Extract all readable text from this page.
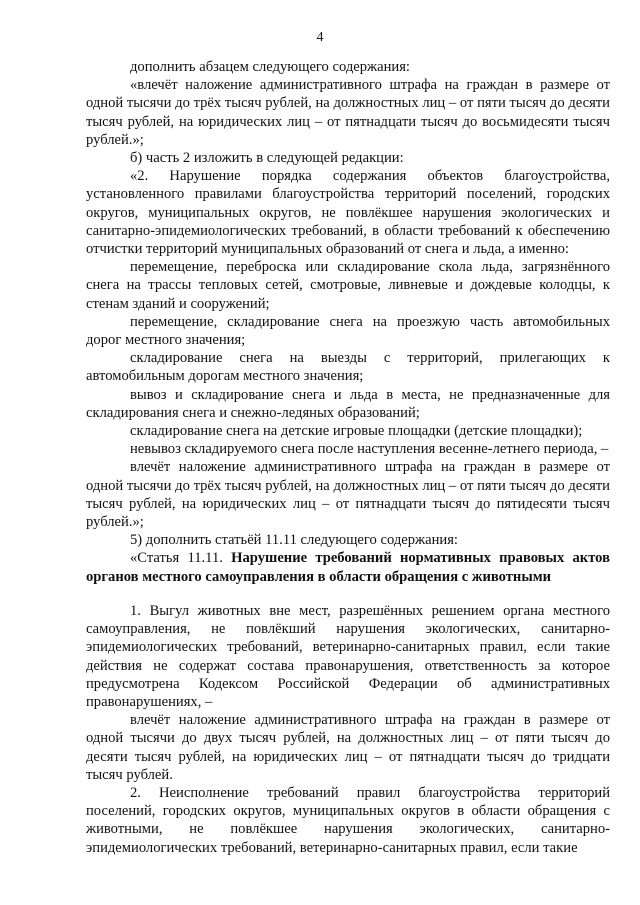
4

дополнить абзацем следующего содержания:

«влечёт наложение административного штрафа на граждан в размере от одной тысячи до трёх тысяч рублей, на должностных лиц – от пяти тысяч до десяти тысяч рублей, на юридических лиц – от пятнадцати тысяч до восьмидесяти тысяч рублей.»;

б) часть 2 изложить в следующей редакции:

«2. Нарушение порядка содержания объектов благоустройства, установленного правилами благоустройства территорий поселений, городских округов, муниципальных округов, не повлёкшее нарушения экологических и санитарно-эпидемиологических требований, в области требований к обеспечению отчистки территорий муниципальных образований от снега и льда, а именно:

перемещение, переброска или складирование скола льда, загрязнённого снега на трассы тепловых сетей, смотровые, ливневые и дождевые колодцы, к стенам зданий и сооружений;

перемещение, складирование снега на проезжую часть автомобильных дорог местного значения;

складирование снега на выезды с территорий, прилегающих к автомобильным дорогам местного значения;

вывоз и складирование снега и льда в места, не предназначенные для складирования снега и снежно-ледяных образований;

складирование снега на детские игровые площадки (детские площадки);

невывоз складируемого снега после наступления весенне-летнего периода, –

влечёт наложение административного штрафа на граждан в размере от одной тысячи до трёх тысяч рублей, на должностных лиц – от пяти тысяч до десяти тысяч рублей, на юридических лиц – от пятнадцати тысяч до пятидесяти тысяч рублей.»;

5) дополнить статьёй 11.11 следующего содержания:

«Статья 11.11. Нарушение требований нормативных правовых актов органов местного самоуправления в области обращения с животными

1. Выгул животных вне мест, разрешённых решением органа местного самоуправления, не повлёкший нарушения экологических, санитарно-эпидемиологических требований, ветеринарно-санитарных правил, если такие действия не содержат состава правонарушения, ответственность за которое предусмотрена Кодексом Российской Федерации об административных правонарушениях, –

влечёт наложение административного штрафа на граждан в размере от одной тысячи до двух тысяч рублей, на должностных лиц – от пяти тысяч до десяти тысяч рублей, на юридических лиц – от пятнадцати тысяч до тридцати тысяч рублей.

2. Неисполнение требований правил благоустройства территорий поселений, городских округов, муниципальных округов в области обращения с животными, не повлёкшее нарушения экологических, санитарно-эпидемиологических требований, ветеринарно-санитарных правил, если такие
